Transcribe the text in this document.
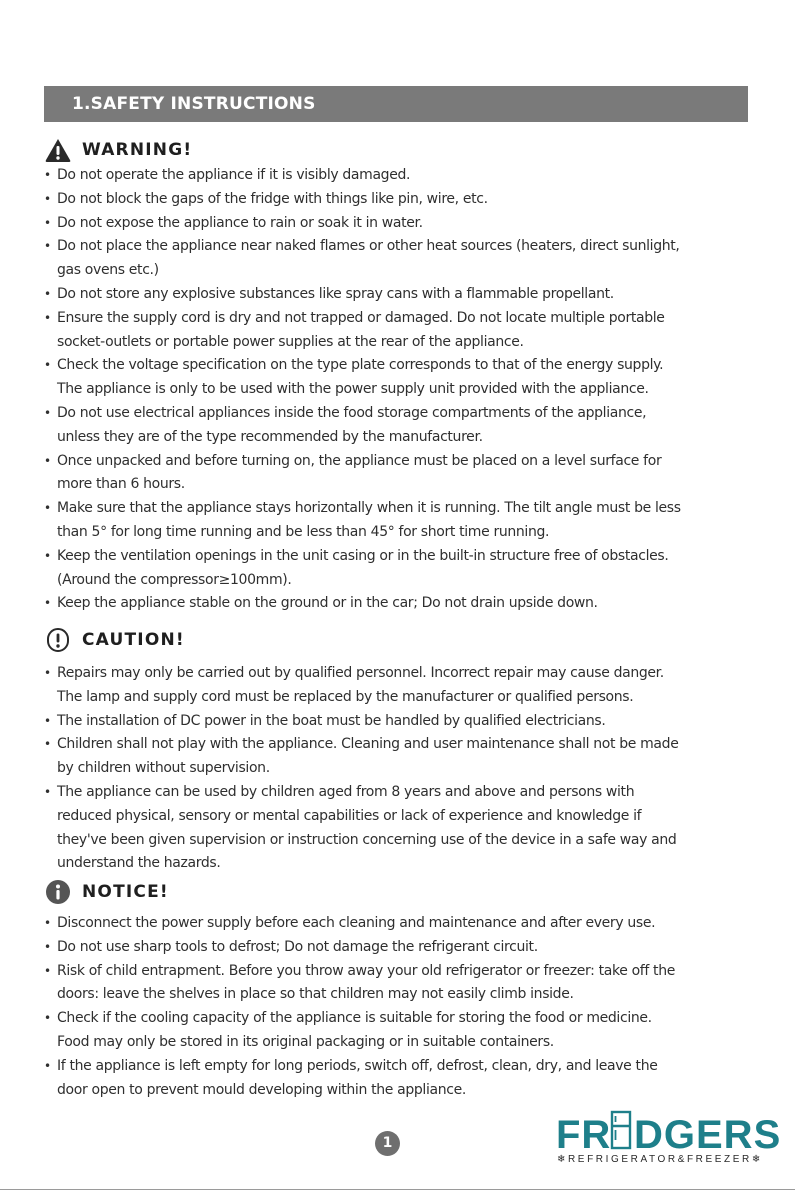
1.SAFETY INSTRUCTIONS
WARNING!
• Do not operate the appliance if it is visibly damaged.
• Do not block the gaps of the fridge with things like pin, wire, etc.
• Do not expose the appliance to rain or soak it in water.
• Do not place the appliance near naked flames or other heat sources (heaters, direct sunlight,
gas ovens etc.)
• Do not store any explosive substances like spray cans with a flammable propellant.
• Ensure the supply cord is dry and not trapped or damaged. Do not locate multiple portable
socket-outlets or portable power supplies at the rear of the appliance.
• Check the voltage specification on the type plate corresponds to that of the energy supply.
The appliance is only to be used with the power supply unit provided with the appliance.
• Do not use electrical appliances inside the food storage compartments of the appliance,
unless they are of the type recommended by the manufacturer.
• Once unpacked and before turning on, the appliance must be placed on a level surface for
more than 6 hours.
• Make sure that the appliance stays horizontally when it is running. The tilt angle must be less
than 5° for long time running and be less than 45° for short time running.
• Keep the ventilation openings in the unit casing or in the built-in structure free of obstacles.
(Around the compressor≥100mm).
• Keep the appliance stable on the ground or in the car; Do not drain upside down.
CAUTION!
• Repairs may only be carried out by qualified personnel. Incorrect repair may cause danger.
The lamp and supply cord must be replaced by the manufacturer or qualified persons.
• The installation of DC power in the boat must be handled by qualified electricians.
• Children shall not play with the appliance. Cleaning and user maintenance shall not be made
by children without supervision.
• The appliance can be used by children aged from 8 years and above and persons with
reduced physical, sensory or mental capabilities or lack of experience and knowledge if
they've been given supervision or instruction concerning use of the device in a safe way and
understand the hazards.
NOTICE!
• Disconnect the power supply before each cleaning and maintenance and after every use.
• Do not use sharp tools to defrost; Do not damage the refrigerant circuit.
• Risk of child entrapment. Before you throw away your old refrigerator or freezer: take off the
doors: leave the shelves in place so that children may not easily climb inside.
• Check if the cooling capacity of the appliance is suitable for storing the food or medicine.
Food may only be stored in its original packaging or in suitable containers.
• If the appliance is left empty for long periods, switch off, defrost, clean, dry, and leave the
door open to prevent mould developing within the appliance.
1	FR DGERS
❄REFRIGERATOR&FREEZER❄
